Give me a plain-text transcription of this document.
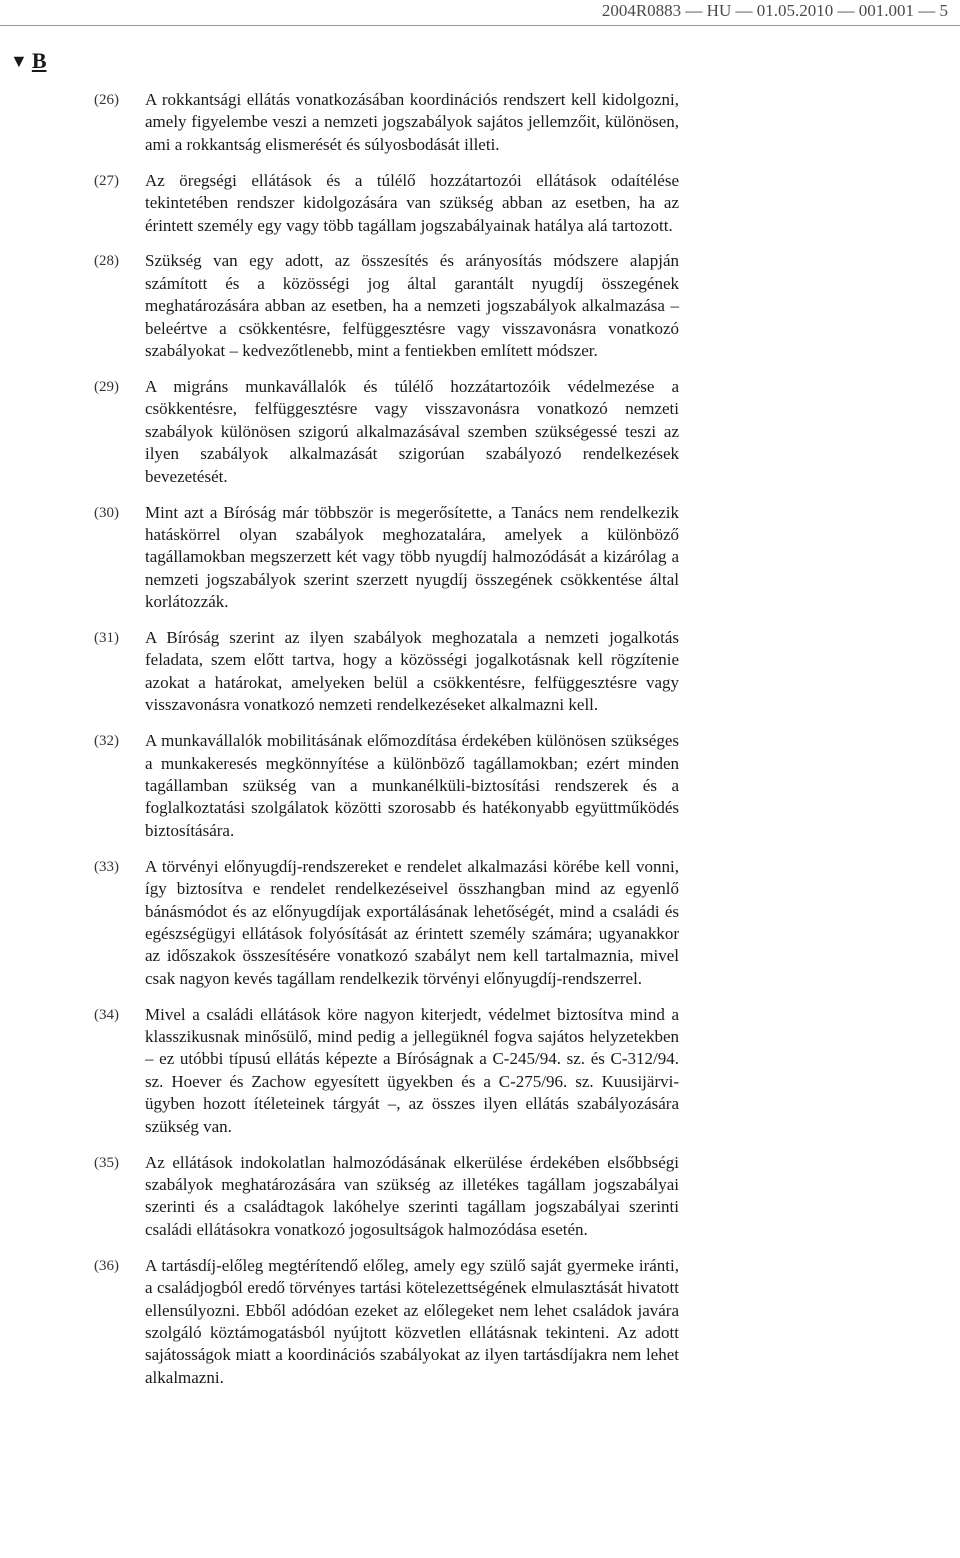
2004R0883 — HU — 01.05.2010 — 001.001 — 5
▼ B
(26)	A rokkantsági ellátás vonatkozásában koordinációs rendszert kell kidolgozni, amely figyelembe veszi a nemzeti jogszabályok sajátos jellemzőit, különösen, ami a rokkantság elismerését és súlyosbodását illeti.
(27)	Az öregségi ellátások és a túlélő hozzátartozói ellátások odaítélése tekintetében rendszer kidolgozására van szükség abban az esetben, ha az érintett személy egy vagy több tagállam jogszabályainak hatálya alá tartozott.
(28)	Szükség van egy adott, az összesítés és arányosítás módszere alapján számított és a közösségi jog által garantált nyugdíj összegének meghatározására abban az esetben, ha a nemzeti jogszabályok alkalmazása – beleértve a csökkentésre, felfüggesztésre vagy visszavonásra vonatkozó szabályokat – kedvezőtlenebb, mint a fentiekben említett módszer.
(29)	A migráns munkavállalók és túlélő hozzátartozóik védelmezése a csökkentésre, felfüggesztésre vagy visszavonásra vonatkozó nemzeti szabályok különösen szigorú alkalmazásával szemben szükségessé teszi az ilyen szabályok alkalmazását szigorúan szabályozó rendelkezések bevezetését.
(30)	Mint azt a Bíróság már többször is megerősítette, a Tanács nem rendelkezik hatáskörrel olyan szabályok meghozatalára, amelyek a különböző tagállamokban megszerzett két vagy több nyugdíj halmozódását a kizárólag a nemzeti jogszabályok szerint szerzett nyugdíj összegének csökkentése által korlátozzák.
(31)	A Bíróság szerint az ilyen szabályok meghozatala a nemzeti jogalkotás feladata, szem előtt tartva, hogy a közösségi jogalkotásnak kell rögzítenie azokat a határokat, amelyeken belül a csökkentésre, felfüggesztésre vagy visszavonásra vonatkozó nemzeti rendelkezéseket alkalmazni kell.
(32)	A munkavállalók mobilitásának előmozdítása érdekében különösen szükséges a munkakeresés megkönnyítése a különböző tagállamokban; ezért minden tagállamban szükség van a munkanélküli-biztosítási rendszerek és a foglalkoztatási szolgálatok közötti szorosabb és hatékonyabb együttműködés biztosítására.
(33)	A törvényi előnyugdíj-rendszereket e rendelet alkalmazási körébe kell vonni, így biztosítva e rendelet rendelkezéseivel összhangban mind az egyenlő bánásmódot és az előnyugdíjak exportálásának lehetőségét, mind a családi és egészségügyi ellátások folyósítását az érintett személy számára; ugyanakkor az időszakok összesítésére vonatkozó szabályt nem kell tartalmaznia, mivel csak nagyon kevés tagállam rendelkezik törvényi előnyugdíj-rendszerrel.
(34)	Mivel a családi ellátások köre nagyon kiterjedt, védelmet biztosítva mind a klasszikusnak minősülő, mind pedig a jellegüknél fogva sajátos helyzetekben – ez utóbbi típusú ellátás képezte a Bíróságnak a C-245/94. sz. és C-312/94. sz. Hoever és Zachow egyesített ügyekben és a C-275/96. sz. Kuusijärvi-ügyben hozott ítéleteinek tárgyát –, az összes ilyen ellátás szabályozására szükség van.
(35)	Az ellátások indokolatlan halmozódásának elkerülése érdekében elsőbbségi szabályok meghatározására van szükség az illetékes tagállam jogszabályai szerinti és a családtagok lakóhelye szerinti tagállam jogszabályai szerinti családi ellátásokra vonatkozó jogosultságok halmozódása esetén.
(36)	A tartásdíj-előleg megtérítendő előleg, amely egy szülő saját gyermeke iránti, a családjogból eredő törvényes tartási kötelezettségének elmulasztását hivatott ellensúlyozni. Ebből adódóan ezeket az előlegeket nem lehet családok javára szolgáló köztámogatásból nyújtott közvetlen ellátásnak tekinteni. Az adott sajátosságok miatt a koordinációs szabályokat az ilyen tartásdíjakra nem lehet alkalmazni.
